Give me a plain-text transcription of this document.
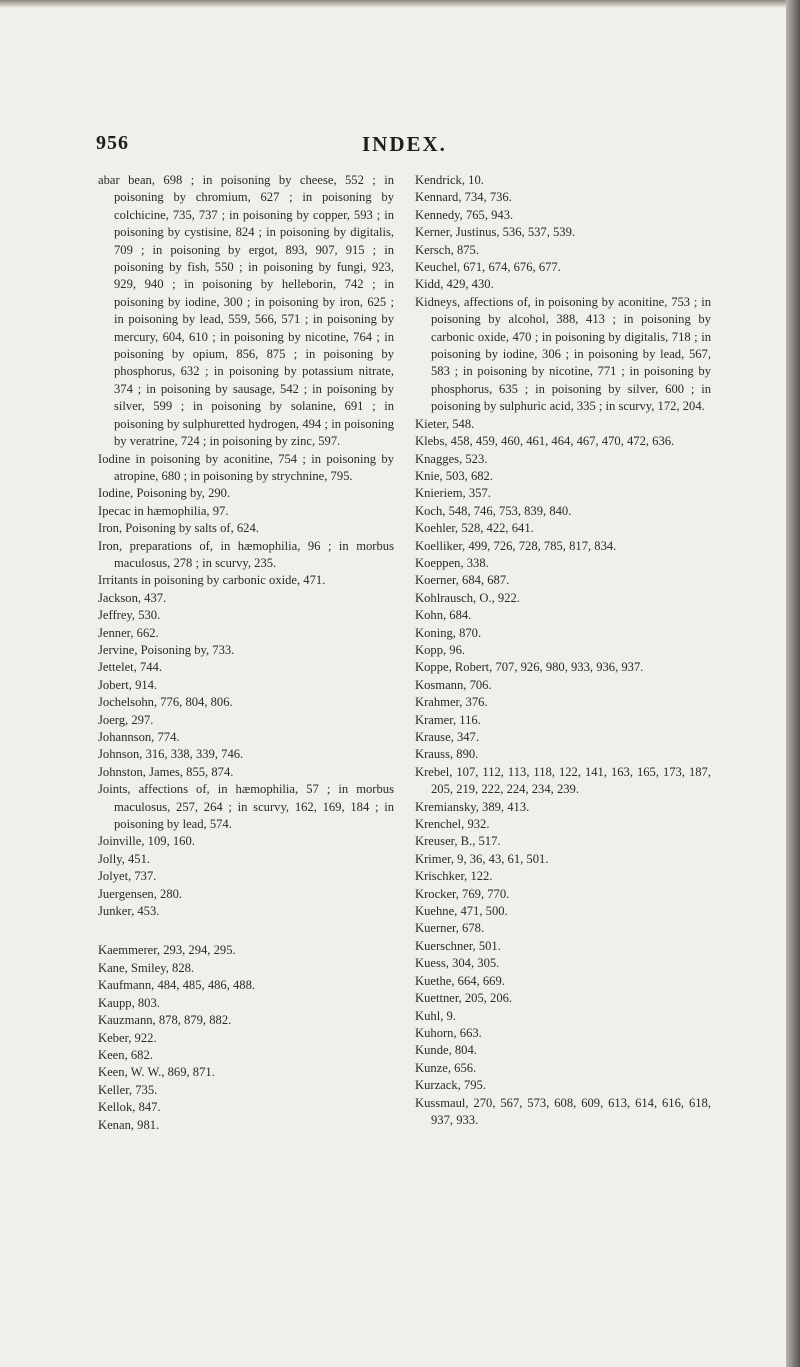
956	INDEX.

abar bean, 698 ; in poisoning by cheese, 552 ; in poisoning by chromium, 627 ; in poisoning by colchicine, 735, 737 ; in poisoning by copper, 593 ; in poisoning by cystisine, 824 ; in poisoning by digitalis, 709 ; in poisoning by ergot, 893, 907, 915 ; in poisoning by fish, 550 ; in poisoning by fungi, 923, 929, 940 ; in poisoning by helleborin, 742 ; in poisoning by iodine, 300 ; in poisoning by iron, 625 ; in poisoning by lead, 559, 566, 571 ; in poisoning by mercury, 604, 610 ; in poisoning by nicotine, 764 ; in poisoning by opium, 856, 875 ; in poisoning by phosphorus, 632 ; in poisoning by potassium nitrate, 374 ; in poisoning by sausage, 542 ; in poisoning by silver, 599 ; in poisoning by solanine, 691 ; in poisoning by sulphuretted hydrogen, 494 ; in poisoning by veratrine, 724 ; in poisoning by zinc, 597.

Iodine in poisoning by aconitine, 754 ; in poisoning by atropine, 680 ; in poisoning by strychnine, 795.

Iodine, Poisoning by, 290.

Ipecac in hæmophilia, 97.

Iron, Poisoning by salts of, 624.

Iron, preparations of, in hæmophilia, 96 ; in morbus maculosus, 278 ; in scurvy, 235.

Irritants in poisoning by carbonic oxide, 471.

Jackson, 437.

Jeffrey, 530.

Jenner, 662.

Jervine, Poisoning by, 733.

Jettelet, 744.

Jobert, 914.

Jochelsohn, 776, 804, 806.

Joerg, 297.

Johannson, 774.

Johnson, 316, 338, 339, 746.

Johnston, James, 855, 874.

Joints, affections of, in hæmophilia, 57 ; in morbus maculosus, 257, 264 ; in scurvy, 162, 169, 184 ; in poisoning by lead, 574.

Joinville, 109, 160.

Jolly, 451.

Jolyet, 737.

Juergensen, 280.

Junker, 453.

Kaemmerer, 293, 294, 295.

Kane, Smiley, 828.

Kaufmann, 484, 485, 486, 488.

Kaupp, 803.

Kauzmann, 878, 879, 882.

Keber, 922.

Keen, 682.

Keen, W. W., 869, 871.

Keller, 735.

Kellok, 847.

Kenan, 981.

Kendrick, 10.

Kennard, 734, 736.

Kennedy, 765, 943.

Kerner, Justinus, 536, 537, 539.

Kersch, 875.

Keuchel, 671, 674, 676, 677.

Kidd, 429, 430.

Kidneys, affections of, in poisoning by aconitine, 753 ; in poisoning by alcohol, 388, 413 ; in poisoning by carbonic oxide, 470 ; in poisoning by digitalis, 718 ; in poisoning by iodine, 306 ; in poisoning by lead, 567, 583 ; in poisoning by nicotine, 771 ; in poisoning by phosphorus, 635 ; in poisoning by silver, 600 ; in poisoning by sulphuric acid, 335 ; in scurvy, 172, 204.

Kieter, 548.

Klebs, 458, 459, 460, 461, 464, 467, 470, 472, 636.

Knagges, 523.

Knie, 503, 682.

Knieriem, 357.

Koch, 548, 746, 753, 839, 840.

Koehler, 528, 422, 641.

Koelliker, 499, 726, 728, 785, 817, 834.

Koeppen, 338.

Koerner, 684, 687.

Kohlrausch, O., 922.

Kohn, 684.

Koning, 870.

Kopp, 96.

Koppe, Robert, 707, 926, 980, 933, 936, 937.

Kosmann, 706.

Krahmer, 376.

Kramer, 116.

Krause, 347.

Krauss, 890.

Krebel, 107, 112, 113, 118, 122, 141, 163, 165, 173, 187, 205, 219, 222, 224, 234, 239.

Kremiansky, 389, 413.

Krenchel, 932.

Kreuser, B., 517.

Krimer, 9, 36, 43, 61, 501.

Krischker, 122.

Krocker, 769, 770.

Kuehne, 471, 500.

Kuerner, 678.

Kuerschner, 501.

Kuess, 304, 305.

Kuethe, 664, 669.

Kuettner, 205, 206.

Kuhl, 9.

Kuhorn, 663.

Kunde, 804.

Kunze, 656.

Kurzack, 795.

Kussmaul, 270, 567, 573, 608, 609, 613, 614, 616, 618, 937, 933.
